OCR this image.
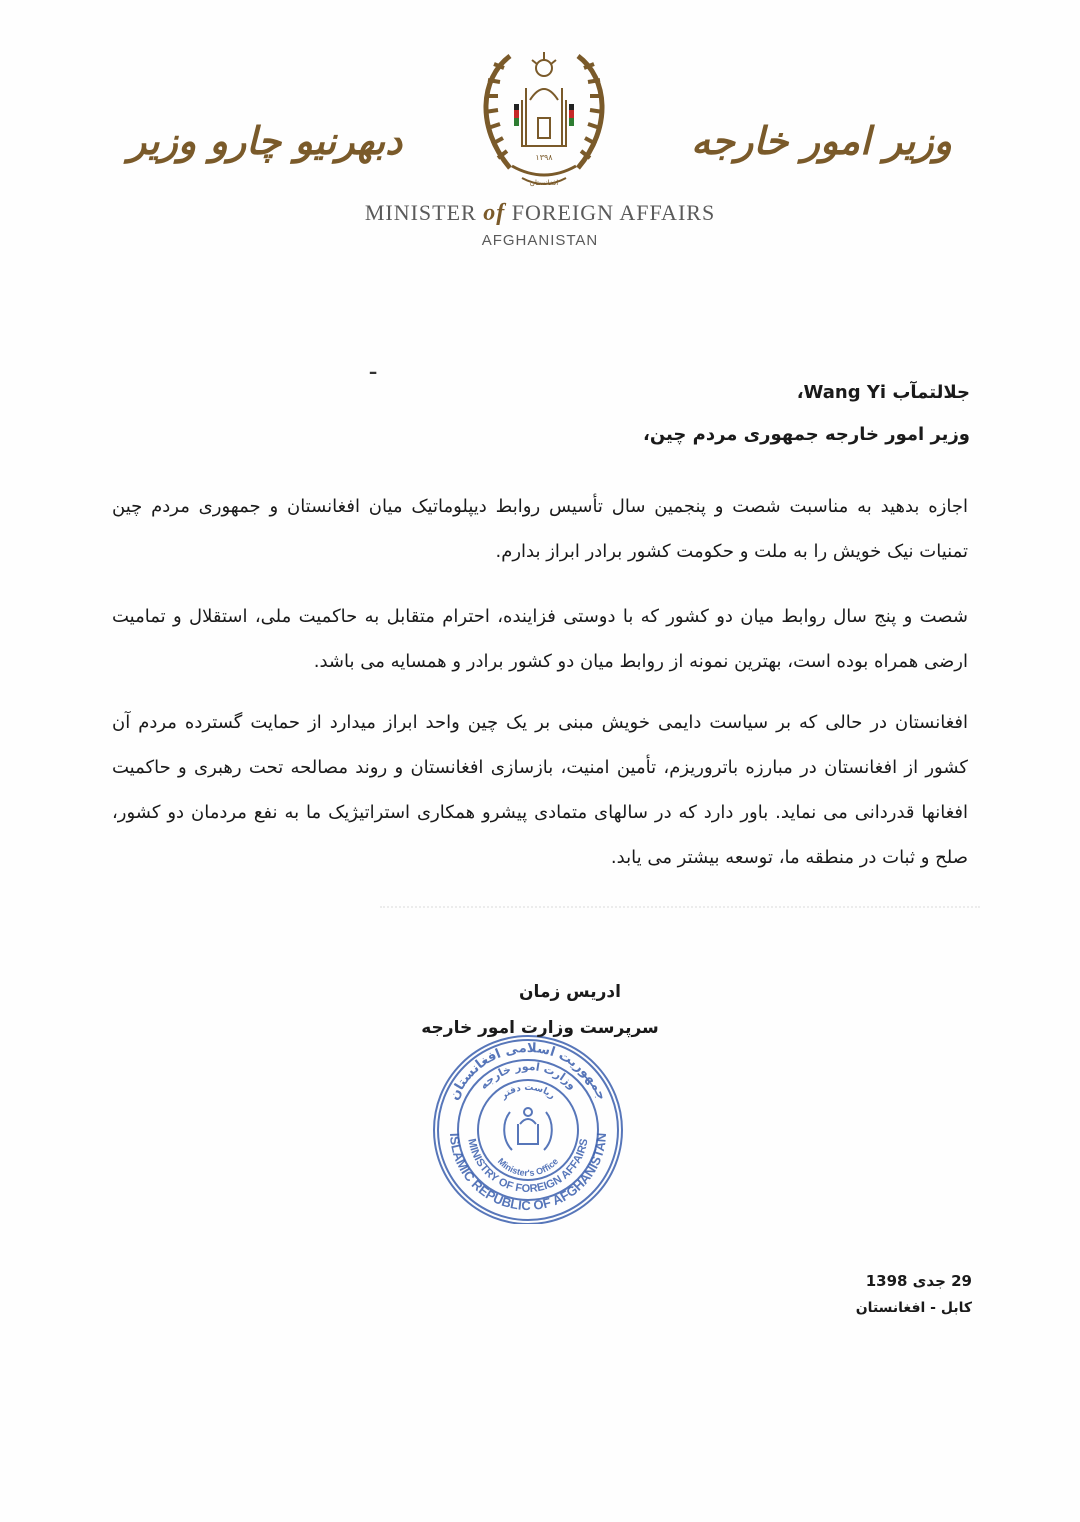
دبهرنیو چارو وزیر	وزیر امور خارجه
۱۳۹۸
افغانستان
MINISTER of FOREIGN AFFAIRS
AFGHANISTAN
ـ
جلالتمآب Wang Yi،
وزیر امور خارجه جمهوری مردم چین،
اجازه بدهید به مناسبت شصت و پنجمین سال تأسیس روابط دیپلوماتیک میان افغانستان و جمهوری مردم چین تمنیات نیک خویش را به ملت و حکومت کشور برادر ابراز بدارم.
شصت و پنج سال روابط میان دو کشور که با دوستی فزاینده، احترام متقابل به حاکمیت ملی، استقلال و تمامیت ارضی همراه بوده است، بهترین نمونه از روابط میان دو کشور برادر و همسایه می باشد.
افغانستان در حالی که بر سیاست دایمی خویش مبنی بر یک چین واحد ابراز میدارد از حمایت گسترده مردم آن کشور از افغانستان در مبارزه باتروریزم، تأمین امنیت، بازسازی افغانستان و روند مصالحه تحت رهبری و حاکمیت افغانها قدردانی می نماید. باور دارد که در سالهای متمادی پیشرو همکاری استراتیژیک ما به نفع مردمان دو کشور، صلح و ثبات در منطقه ما، توسعه بیشتر می یابد.
ادریس زمان
ISLAMIC REPUBLIC OF AFGHANISTAN
MINISTRY OF FOREIGN AFFAIRS
Minister's Office
جمهوریت اسلامی افغانستان
وزارت امور خارجه
ریاست دفتر
سرپرست وزارت امور خارجه
29 جدی 1398
کابل - افغانستان
